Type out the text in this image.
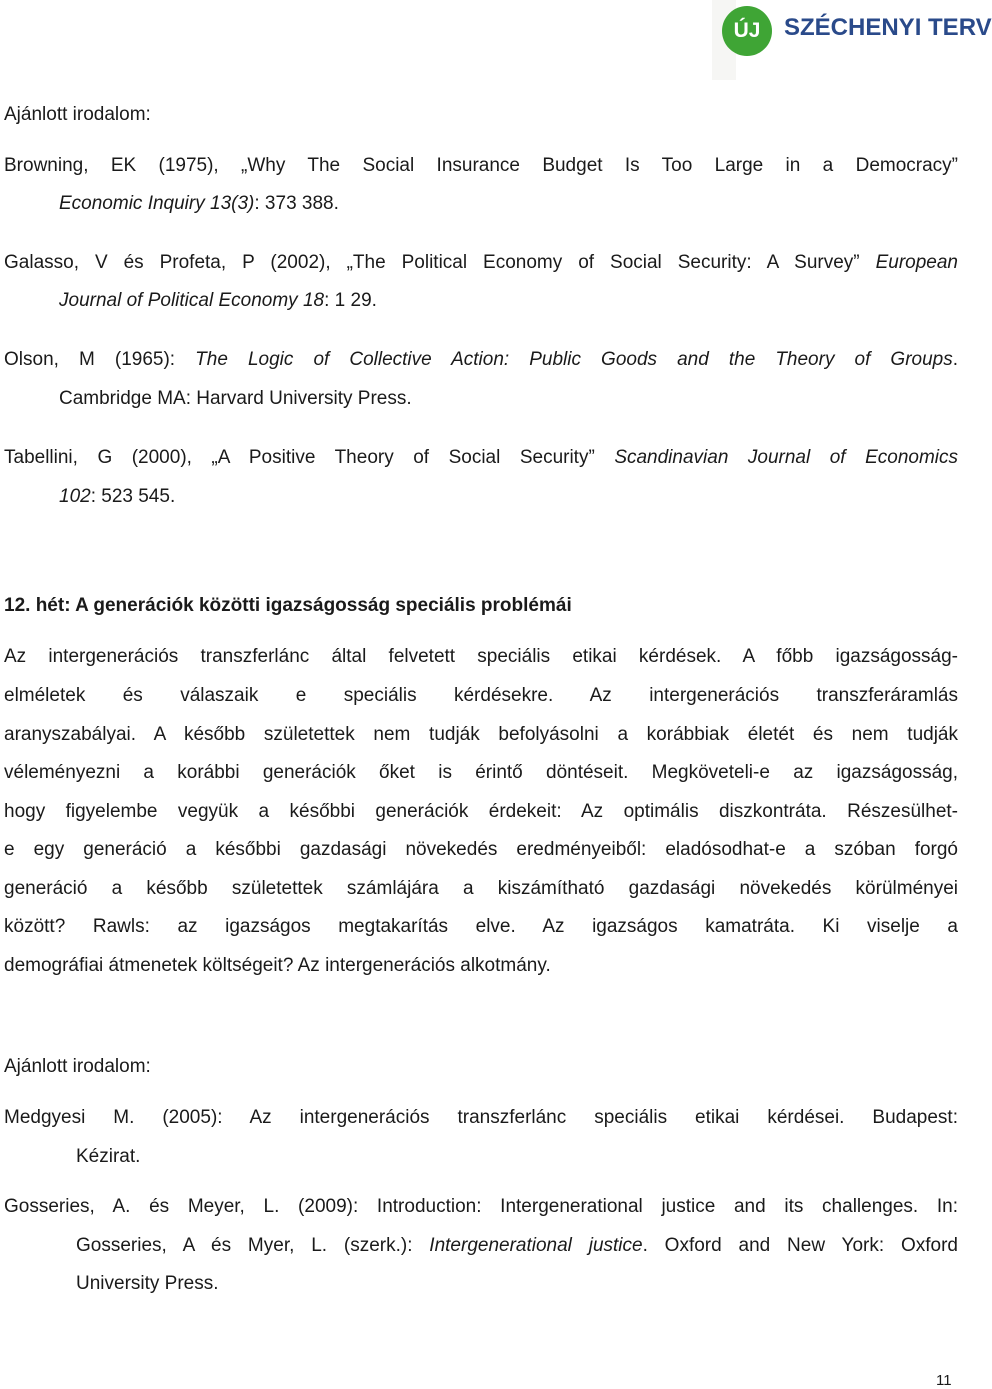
ÚJ SZÉCHENYI TERV
Ajánlott irodalom:
Browning, EK (1975), „Why The Social Insurance Budget Is Too Large in a Democracy”
Economic Inquiry 13(3): 373 388.
Galasso, V és Profeta, P (2002), „The Political Economy of Social Security: A Survey” European
Journal of Political Economy 18: 1 29.
Olson, M (1965): The Logic of Collective Action: Public Goods and the Theory of Groups.
Cambridge MA: Harvard University Press.
Tabellini, G (2000), „A Positive Theory of Social Security” Scandinavian Journal of Economics
102: 523 545.
12. hét: A generációk közötti igazságosság speciális problémái
Az intergenerációs transzferlánc által felvetett speciális etikai kérdések. A főbb igazságosság-
elméletek és válaszaik e speciális kérdésekre. Az intergenerációs transzferáramlás
aranyszabályai. A később születettek nem tudják befolyásolni a korábbiak életét és nem tudják
véleményezni a korábbi generációk őket is érintő döntéseit. Megköveteli-e az igazságosság,
hogy figyelembe vegyük a későbbi generációk érdekeit: Az optimális diszkontráta. Részesülhet-
e egy generáció a későbbi gazdasági növekedés eredményeiből: eladósodhat-e a szóban forgó
generáció a később születettek számlájára a kiszámítható gazdasági növekedés körülményei
között? Rawls: az igazságos megtakarítás elve. Az igazságos kamatráta. Ki viselje a
demográfiai átmenetek költségeit? Az intergenerációs alkotmány.
Ajánlott irodalom:
Medgyesi M. (2005): Az intergenerációs transzferlánc speciális etikai kérdései. Budapest:
Kézirat.
Gosseries, A. és Meyer, L. (2009): Introduction: Intergenerational justice and its challenges. In:
Gosseries, A és Myer, L. (szerk.): Intergenerational justice. Oxford and New York: Oxford
University Press.
11
